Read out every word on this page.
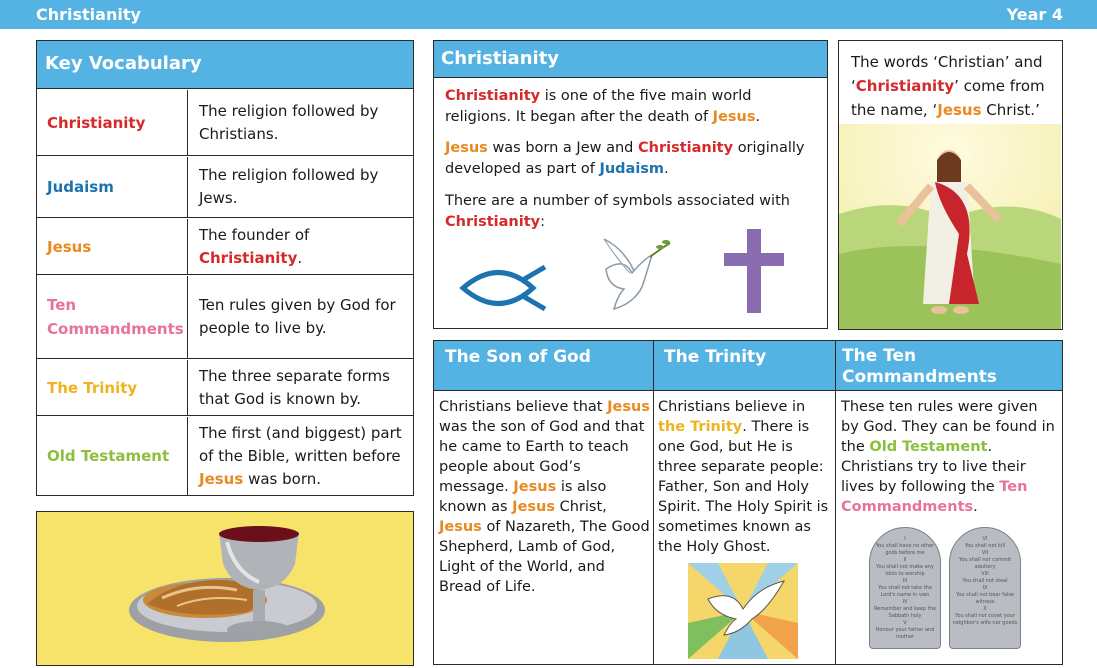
Christianity	Year 4
Key Vocabulary
Christianity
The religion followed by Christians.
Judaism
The religion followed by Jews.
Jesus
The founder of Christianity.
Ten
Commandments
Ten rules given by God for people to live by.
The Trinity
The three separate forms that God is known by.
Old Testament
The first (and biggest) part of the Bible, written before Jesus was born.
Christianity

Christianity is one of the five main world religions. It began after the death of Jesus.

Jesus was born a Jew and Christianity originally developed as part of Judaism.

There are a number of symbols associated with Christianity:

The words ‘Christian’ and ‘Christianity’ come from the name, ‘Jesus Christ.’

The Son of God

Christians believe that Jesus was the son of God and that he came to Earth to teach people about God’s message. Jesus is also known as Jesus Christ, Jesus of Nazareth, The Good Shepherd, Lamb of God, Light of the World, and Bread of Life.

The Trinity

Christians believe in the Trinity. There is one God, but He is three separate people: Father, Son and Holy Spirit. The Holy Spirit is sometimes known as the Holy Ghost.

The Ten Commandments

These ten rules were given by God. They can be found in the Old Testament. Christians try to live their lives by following the Ten Commandments.

I
You shall have no other gods before me
II
You shall not make any idols to worship
III
You shall not take the Lord's name in vain
IV
Remember and keep the Sabbath holy
V
Honour your father and mother
VI
You shall not kill
VII
You shall not commit adultery
VIII
You shall not steal
IX
You shall not bear false witness
X
You shall not covet your neighbor's wife nor goods
